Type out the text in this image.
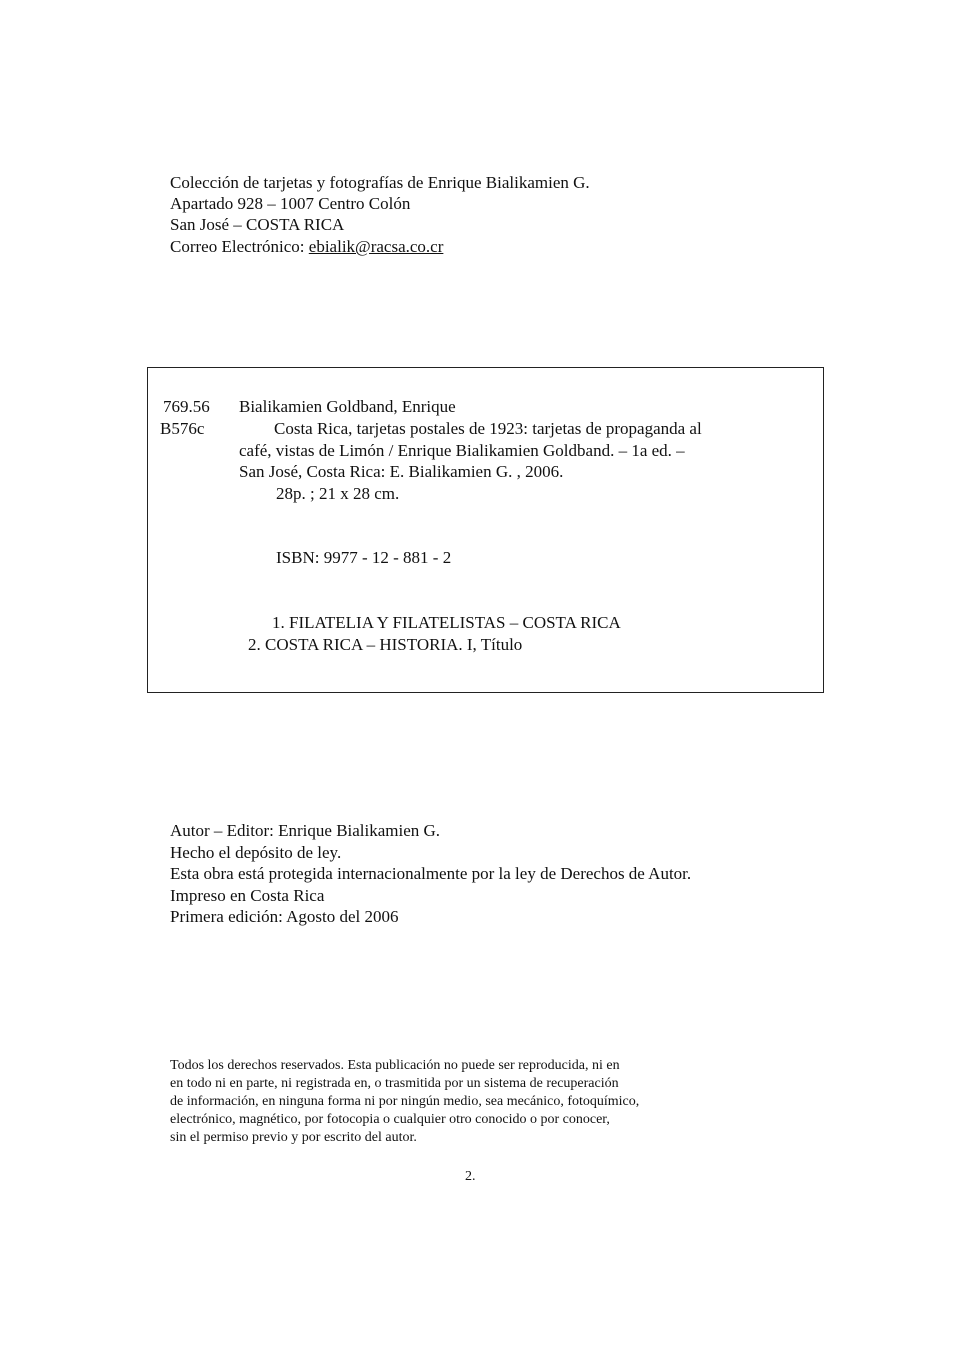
Colección de tarjetas y fotografías de Enrique Bialikamien G.
Apartado 928 – 1007 Centro Colón
San José – COSTA RICA
Correo Electrónico: ebialik@racsa.co.cr
769.56 Bialikamien Goldband, Enrique
B576c	Costa Rica, tarjetas postales de 1923: tarjetas de propaganda al
café, vistas de Limón / Enrique Bialikamien Goldband. – 1a ed. –
San José, Costa Rica: E. Bialikamien G. , 2006.
28p. ; 21 x 28 cm.
ISBN: 9977 - 12 - 881 - 2
1. FILATELIA Y FILATELISTAS – COSTA RICA
2. COSTA RICA – HISTORIA. I, Título
Autor – Editor: Enrique Bialikamien G.
Hecho el depósito de ley.
Esta obra está protegida internacionalmente por la ley de Derechos de Autor.
Impreso en Costa Rica
Primera edición: Agosto del 2006
Todos los derechos reservados. Esta publicación no puede ser reproducida, ni en
en todo ni en parte, ni registrada en, o trasmitida por un sistema de recuperación
de información, en ninguna forma ni por ningún medio, sea mecánico, fotoquímico,
electrónico, magnético, por fotocopia o cualquier otro conocido o por conocer,
sin el permiso previo y por escrito del autor.
2.
